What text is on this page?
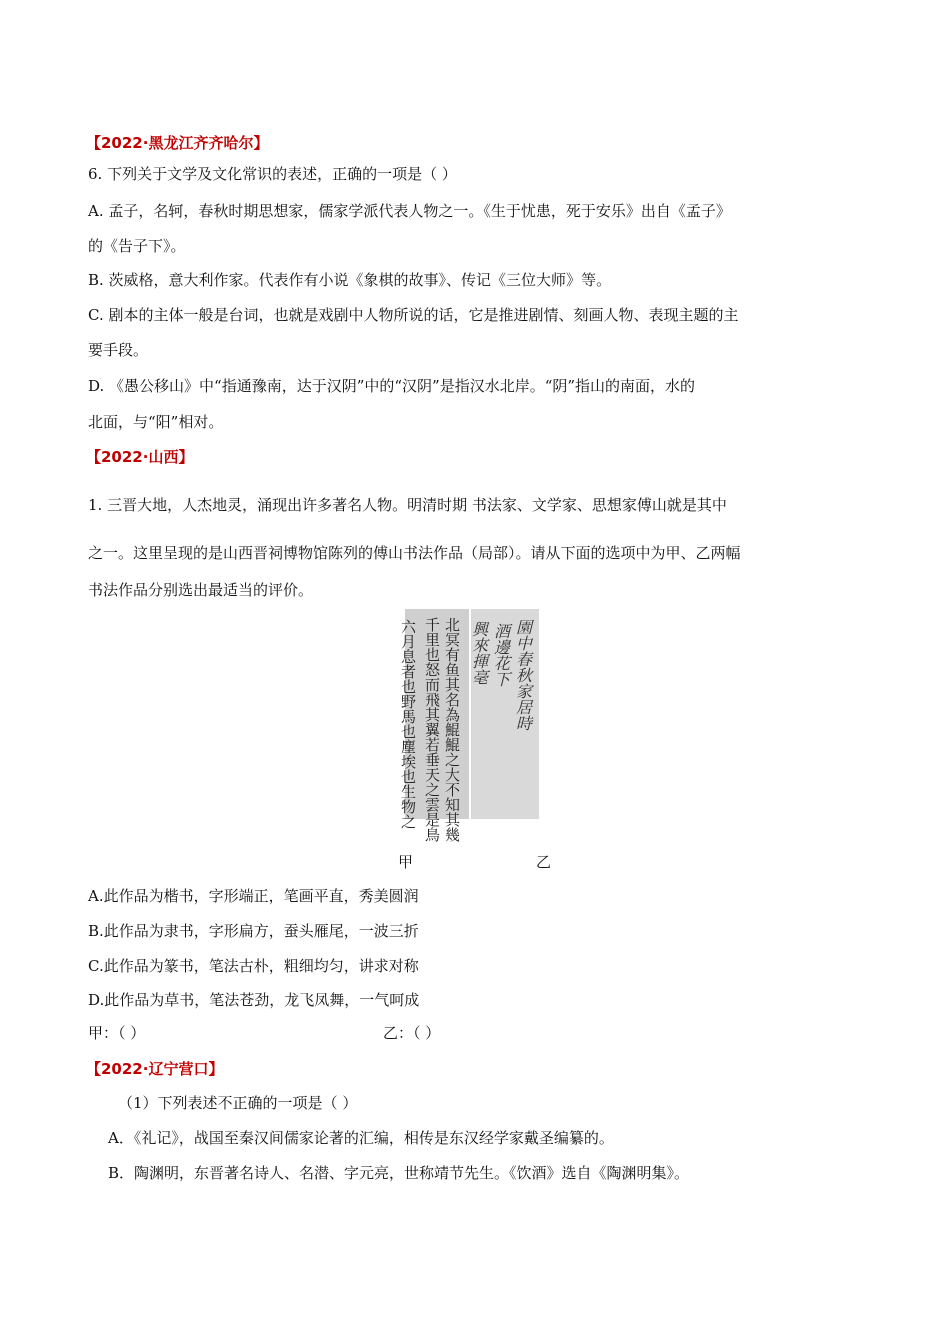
【2022·黑龙江齐齐哈尔】
6. 下列关于文学及文化常识的表述，正确的一项是（ ）
A. 孟子，名轲，春秋时期思想家，儒家学派代表人物之一。《生于忧患，死于安乐》出自《孟子》
的《告子下》。
B. 茨威格，意大利作家。代表作有小说《象棋的故事》、传记《三位大师》等。
C. 剧本的主体一般是台词，也就是戏剧中人物所说的话，它是推进剧情、刻画人物、表现主题的主
要手段。
D. 《愚公移山》中“指通豫南，达于汉阴”中的“汉阴”是指汉水北岸。“阴”指山的南面，水的
北面，与“阳”相对。
【2022·山西】
1. 三晋大地，人杰地灵，涌现出许多著名人物。明清时期 书法家、文学家、思想家傅山就是其中
之一。这里呈现的是山西晋祠博物馆陈列的傅山书法作品（局部）。请从下面的选项中为甲、乙两幅
书法作品分别选出最适当的评价。
六月息者也野馬也塵埃也生物之 北冥有鱼其名為鯤鯤之大不知其幾
千里也怒而飛其翼若垂天之雲是鳥	園中春秋家居時
酒邊花下
興來揮毫
甲	乙
A.此作品为楷书，字形端正，笔画平直，秀美圆润
B.此作品为隶书，字形扁方，蚕头雁尾，一波三折
C.此作品为篆书，笔法古朴，粗细均匀，讲求对称
D.此作品为草书，笔法苍劲，龙飞凤舞，一气呵成
甲：（ ）	乙：（ ）
【2022·辽宁营口】
（1）下列表述不正确的一项是（ ）
A．《礼记》，战国至秦汉间儒家论著的汇编，相传是东汉经学家戴圣编纂的。
B．陶渊明，东晋著名诗人、名潜、字元亮，世称靖节先生。《饮酒》选自《陶渊明集》。
